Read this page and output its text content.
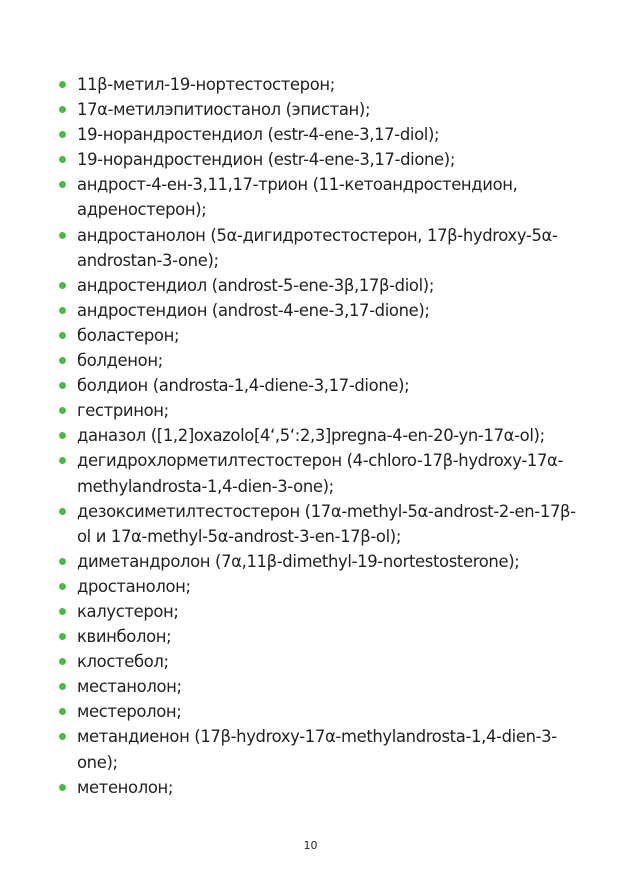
11β-метил-19-нортестостерон;
17α-метилэпитиостанол (эпистан);
19-норандростендиол (estr-4-ene-3,17-diol);
19-норандростендион (estr-4-ene-3,17-dione);
андрост-4-ен-3,11,17-трион (11-кетоандростендион, адреностерон);
андростанолон (5α-дигидротестостерон, 17β-hydroxy-5α-androstan-3-one);
андростендиол (androst-5-ene-3β,17β-diol);
андростендион (androst-4-ene-3,17-dione);
боластерон;
болденон;
болдион (androsta-1,4-diene-3,17-dione);
гестринон;
даназол ([1,2]oxazolo[4‘,5‘:2,3]pregna-4-en-20-yn-17α-ol);
дегидрохлорметилтестостерон (4-chloro-17β-hydroxy-17α-methylandrosta-1,4-dien-3-one);
дезоксиметилтестостерон (17α-methyl-5α-androst-2-en-17β-ol и 17α-methyl-5α-androst-3-en-17β-ol);
диметандролон (7α,11β-dimethyl-19-nortestosterone);
дростанолон;
калустерон;
квинболон;
клостебол;
местанолон;
местеролон;
метандиенон (17β-hydroxy-17α-methylandrosta-1,4-dien-3-one);
метенолон;
10
